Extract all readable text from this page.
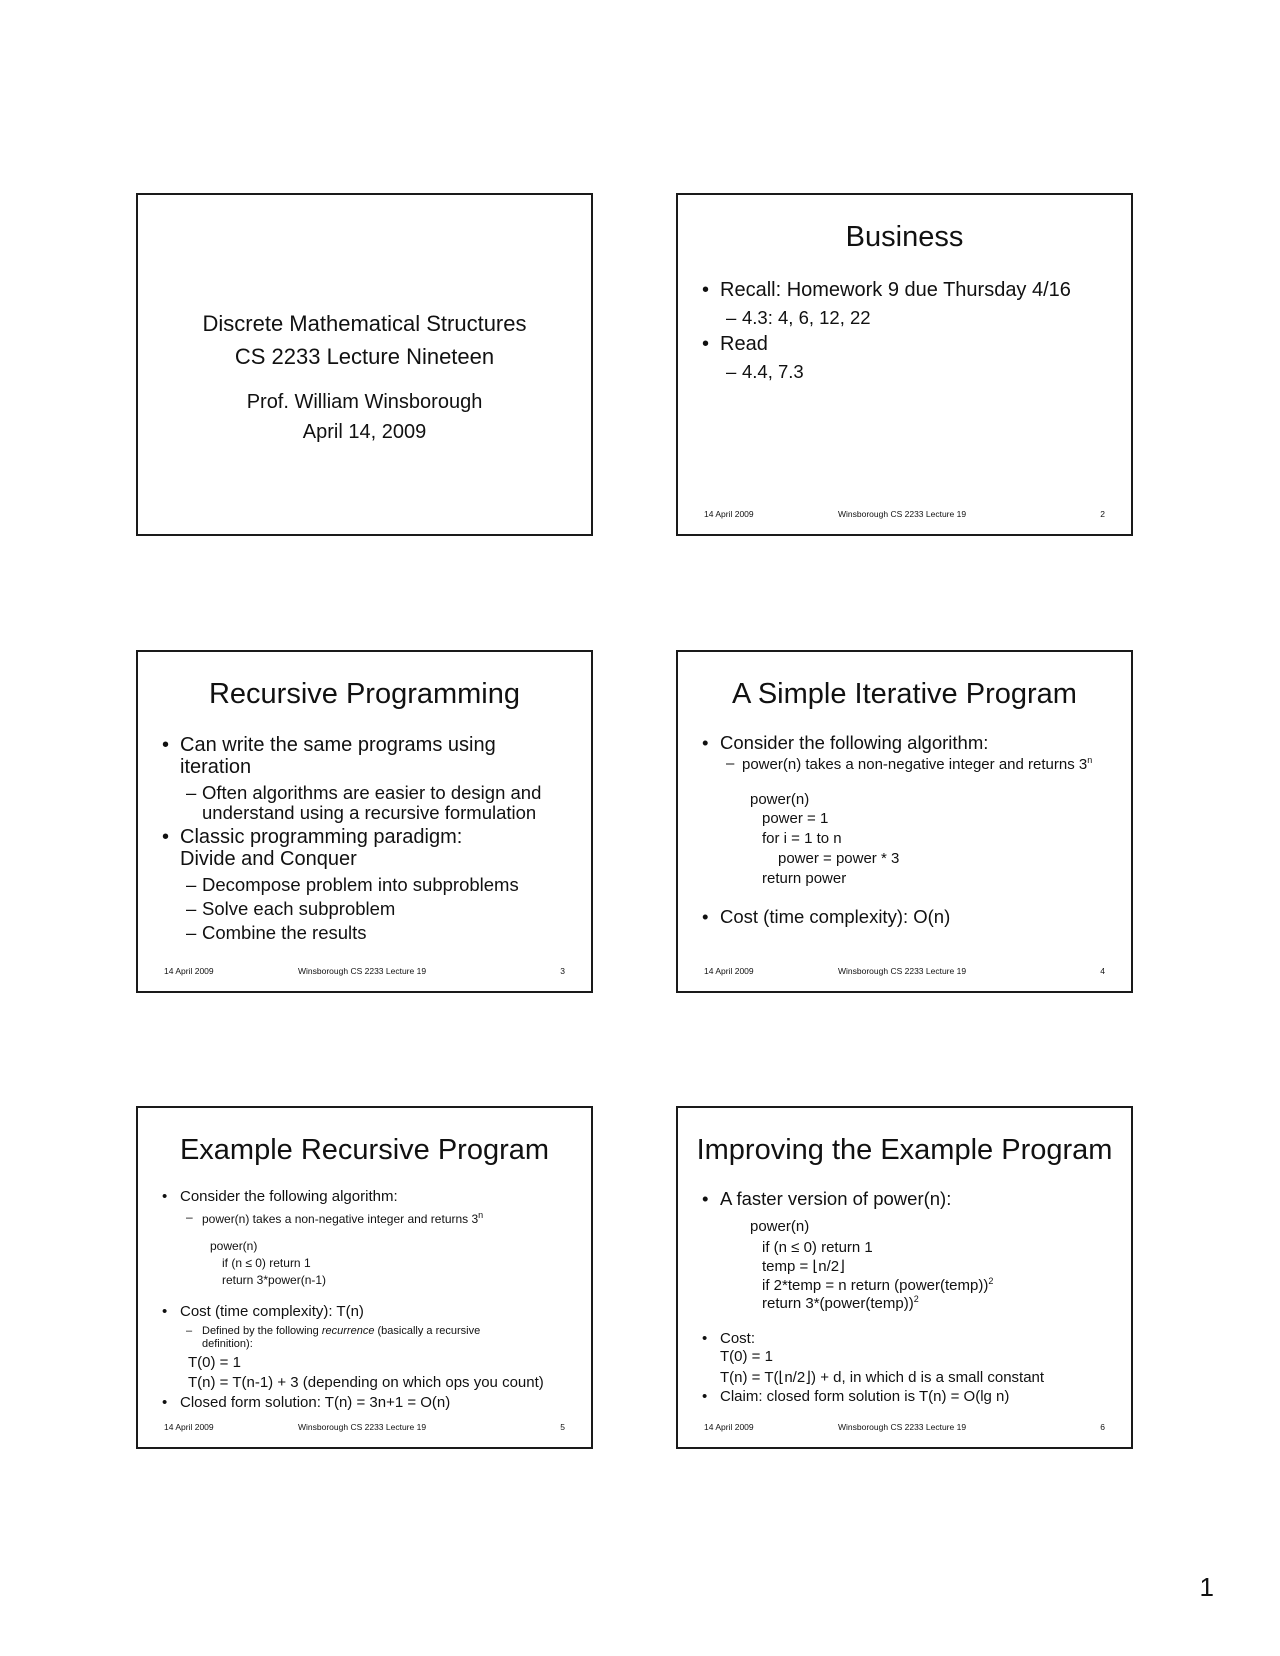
Discrete Mathematical Structures
CS 2233 Lecture Nineteen
Prof. William Winsborough
April 14, 2009
Business
• Recall: Homework 9 due Thursday 4/16
– 4.3: 4, 6, 12, 22
• Read
– 4.4, 7.3
14 April 2009	Winsborough CS 2233 Lecture 19	2
Recursive Programming
• Can write the same programs using
iteration
– Often algorithms are easier to design and
understand using a recursive formulation
• Classic programming paradigm:
Divide and Conquer
– Decompose problem into subproblems
– Solve each subproblem
– Combine the results
14 April 2009	Winsborough CS 2233 Lecture 19	3
A Simple Iterative Program
• Consider the following algorithm:
– power(n) takes a non-negative integer and returns 3$^n$
power(n)
power = 1
for i = 1 to n
power = power * 3
return power
• Cost (time complexity): O(n)
14 April 2009	Winsborough CS 2233 Lecture 19	4
Example Recursive Program
• Consider the following algorithm:
– power(n) takes a non-negative integer and returns 3$^n$
power(n)
if (n ≤ 0) return 1
return 3*power(n-1)
• Cost (time complexity): T(n)
– Defined by the following recurrence (basically a recursive
definition):
T(0) = 1
T(n) = T(n-1) + 3 (depending on which ops you count)
• Closed form solution: T(n) = 3n+1 = O(n)
14 April 2009	Winsborough CS 2233 Lecture 19	5
Improving the Example Program
• A faster version of power(n):
power(n)
if (n ≤ 0) return 1
temp = ⌊n/2⌋
if 2*temp = n return (power(temp))$^2$
return 3*(power(temp))$^2$
• Cost:
T(0) = 1
T(n) = T(⌊n/2⌋) + d, in which d is a small constant
• Claim: closed form solution is T(n) = O(lg n)
14 April 2009	Winsborough CS 2233 Lecture 19	6
1
